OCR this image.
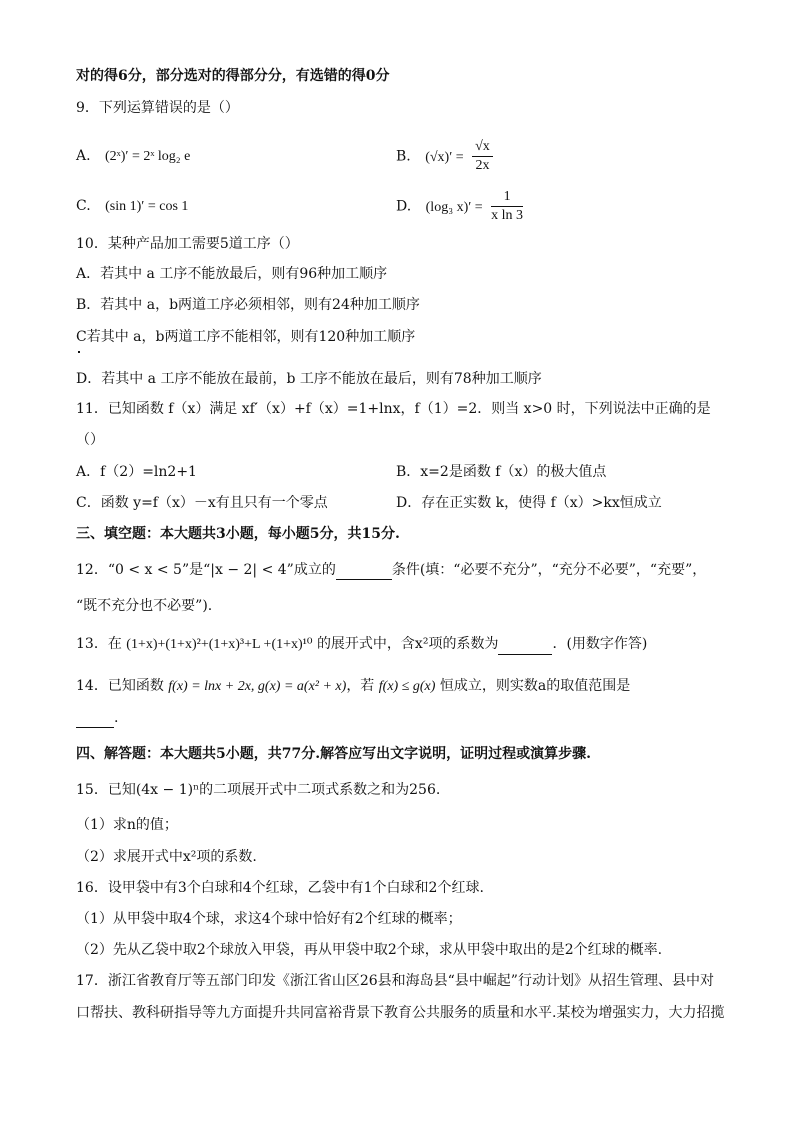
对的得6分，部分选对的得部分分，有选错的得0分
9．下列运算错误的是（）
A. (2ˣ)′ = 2ˣ log₂ e	B. $(√x)' = \frac{√x}{2x}$
C. (sin 1)′ = cos 1	D. (log₃ $x)' = \frac{1}{\text{x ln 3}}$
10．某种产品加工需要5道工序（）
A．若其中 a 工序不能放最后，则有96种加工顺序
B．若其中 a，b两道工序必须相邻，则有24种加工顺序
C若其中 a，b两道工序不能相邻，则有120种加工顺序
D．若其中 a 工序不能放在最前，b 工序不能放在最后，则有78种加工顺序
11．已知函数 f（x）满足 xf′（x）+f（x）=1+lnx，f（1）=2．则当 x>0 时，下列说法中正确的是
（）
A．f（2）=ln2+1	B．x=2是函数 f（x）的极大值点
C．函数 y=f（x）－x有且只有一个零点	D．存在正实数 k，使得 f（x）>kx恒成立
三、填空题：本大题共3小题，每小题5分，共15分.
12．“0 < x < 5”是“|x − 2| < 4”成立的	条件(填：“必要不充分”，“充分不必要”，“充要”，
“既不充分也不必要”).
13．在 (1+x)+(1+x)²+(1+x)³+L +(1+x)¹⁰ 的展开式中，含x²项的系数为	．(用数字作答)
14．已知函数 f(x) = lnx + 2x, g(x) = a(x² + x)，若 f(x) ≤ g(x) 恒成立，则实数a的取值范围是
.
四、解答题：本大题共5小题，共77分.解答应写出文字说明，证明过程或演算步骤.
15．已知(4x − 1)ⁿ的二项展开式中二项式系数之和为256.
（1）求n的值；
（2）求展开式中x²项的系数.
16．设甲袋中有3个白球和4个红球，乙袋中有1个白球和2个红球.
（1）从甲袋中取4个球，求这4个球中恰好有2个红球的概率；
（2）先从乙袋中取2个球放入甲袋，再从甲袋中取2个球，求从甲袋中取出的是2个红球的概率.
17．浙江省教育厅等五部门印发《浙江省山区26县和海岛县“县中崛起”行动计划》从招生管理、县中对
口帮扶、教科研指导等九方面提升共同富裕背景下教育公共服务的质量和水平.某校为增强实力，大力招揽
